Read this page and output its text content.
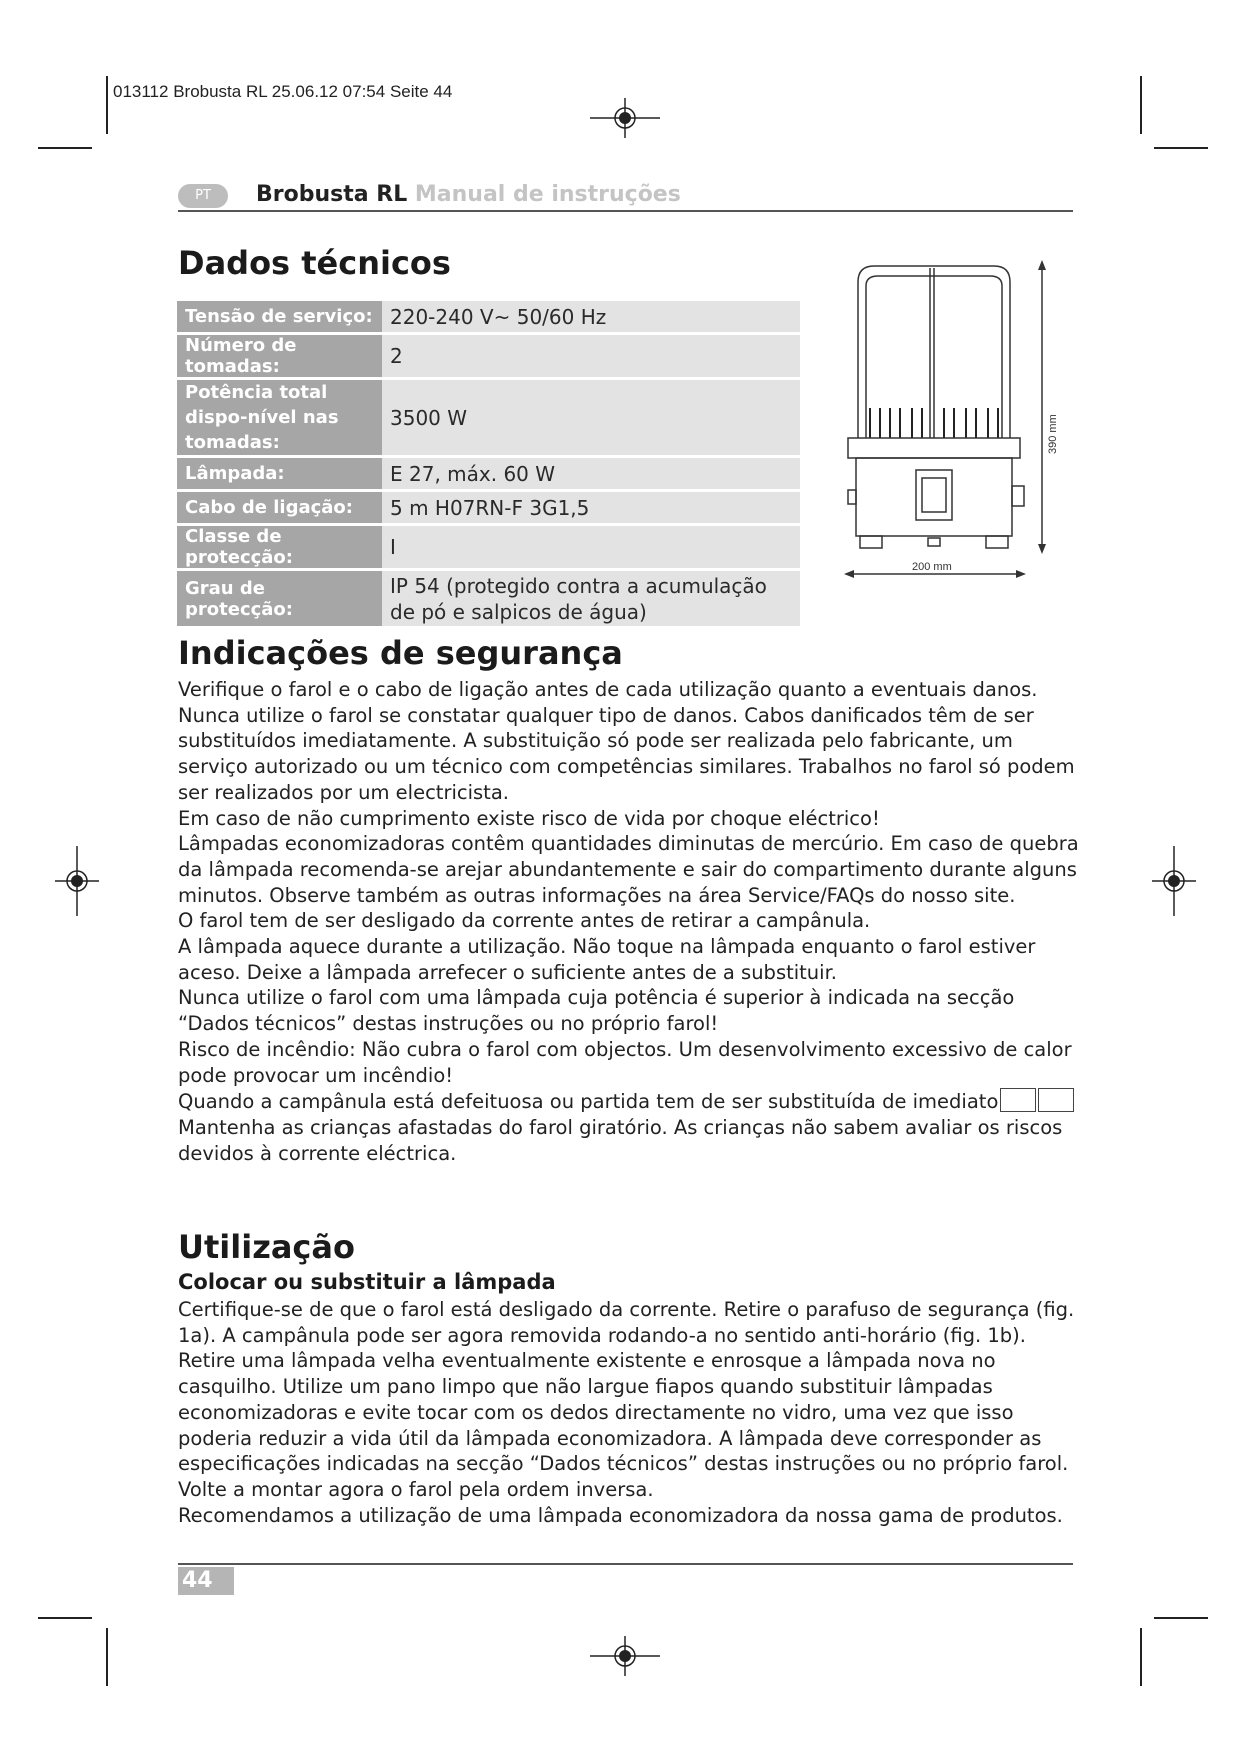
013112 Brobusta RL 25.06.12 07:54 Seite 44
PT	Brobusta RL Manual de instruções
Dados técnicos
Tensão de serviço:	220-240 V~ 50/60 Hz
Número de tomadas:	2
Potência total dispo-nível nas tomadas:	3500 W
Lâmpada:	E 27, máx. 60 W
Cabo de ligação:	5 m H07RN-F 3G1,5
Classe de protecção:	I
Grau de protecção:	IP 54 (protegido contra a acumulação de pó e salpicos de água)
390 mm
200 mm
Indicações de segurança

Verifique o farol e o cabo de ligação antes de cada utilização quanto a eventuais danos. Nunca utilize o farol se constatar qualquer tipo de danos. Cabos danificados têm de ser substituídos imediatamente. A substituição só pode ser realizada pelo fabricante, um serviço autorizado ou um técnico com competências similares. Trabalhos no farol só podem ser realizados por um electricista.

Em caso de não cumprimento existe risco de vida por choque eléctrico!

Lâmpadas economizadoras contêm quantidades diminutas de mercúrio. Em caso de quebra da lâmpada recomenda-se arejar abundantemente e sair do compartimento durante alguns minutos. Observe também as outras informações na área Service/FAQs do nosso site.

O farol tem de ser desligado da corrente antes de retirar a campânula.

A lâmpada aquece durante a utilização. Não toque na lâmpada enquanto o farol estiver aceso. Deixe a lâmpada arrefecer o suficiente antes de a substituir.

Nunca utilize o farol com uma lâmpada cuja potência é superior à indicada na secção “Dados técnicos” destas instruções ou no próprio farol!

Risco de incêndio: Não cubra o farol com objectos. Um desenvolvimento excessivo de calor pode provocar um incêndio!

Quando a campânula está defeituosa ou partida tem de ser substituída de imediato

Mantenha as crianças afastadas do farol giratório. As crianças não sabem avaliar os riscos devidos à corrente eléctrica.

Utilização
Colocar ou substituir a lâmpada

Certifique-se de que o farol está desligado da corrente. Retire o parafuso de segurança (fig. 1a). A campânula pode ser agora removida rodando-a no sentido anti-horário (fig. 1b). Retire uma lâmpada velha eventualmente existente e enrosque a lâmpada nova no casquilho. Utilize um pano limpo que não largue fiapos quando substituir lâmpadas economizadoras e evite tocar com os dedos directamente no vidro, uma vez que isso poderia reduzir a vida útil da lâmpada economizadora. A lâmpada deve corresponder as especificações indicadas na secção “Dados técnicos” destas instruções ou no próprio farol.

Volte a montar agora o farol pela ordem inversa.

Recomendamos a utilização de uma lâmpada economizadora da nossa gama de produtos.

44
